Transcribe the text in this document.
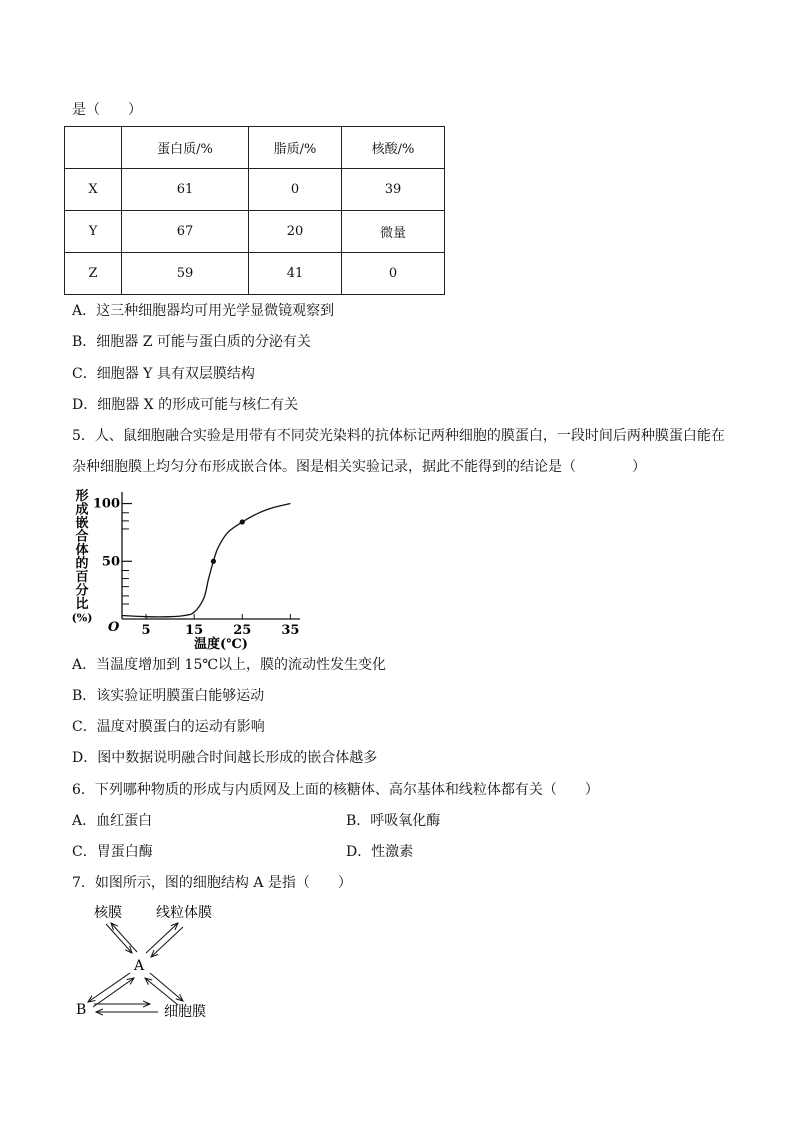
是（　　）
	蛋白质/%	脂质/%	核酸/%
X	61	0	39
Y	67	20	微量
Z	59	41	0
A．这三种细胞器均可用光学显微镜观察到
B．细胞器 Z 可能与蛋白质的分泌有关
C．细胞器 Y 具有双层膜结构
D．细胞器 X 的形成可能与核仁有关
5．人、鼠细胞融合实验是用带有不同荧光染料的抗体标记两种细胞的膜蛋白，一段时间后两种膜蛋白能在
杂种细胞膜上均匀分布形成嵌合体。图是相关实验记录，据此不能得到的结论是（　　　　）
形
成
嵌
合
体
的
百
分
比
(%)
50
100
5	15 25 35
O
温度(℃)
A．当温度增加到 15℃以上，膜的流动性发生变化
B．该实验证明膜蛋白能够运动
C．温度对膜蛋白的运动有影响
D．图中数据说明融合时间越长形成的嵌合体越多
6．下列哪种物质的形成与内质网及上面的核糖体、高尔基体和线粒体都有关（　　）
A．血红蛋白	B．呼吸氧化酶
C．胃蛋白酶	D．性激素
7．如图所示，图的细胞结构 A 是指（　　）
核膜 线粒体膜
A
B	细胞膜
